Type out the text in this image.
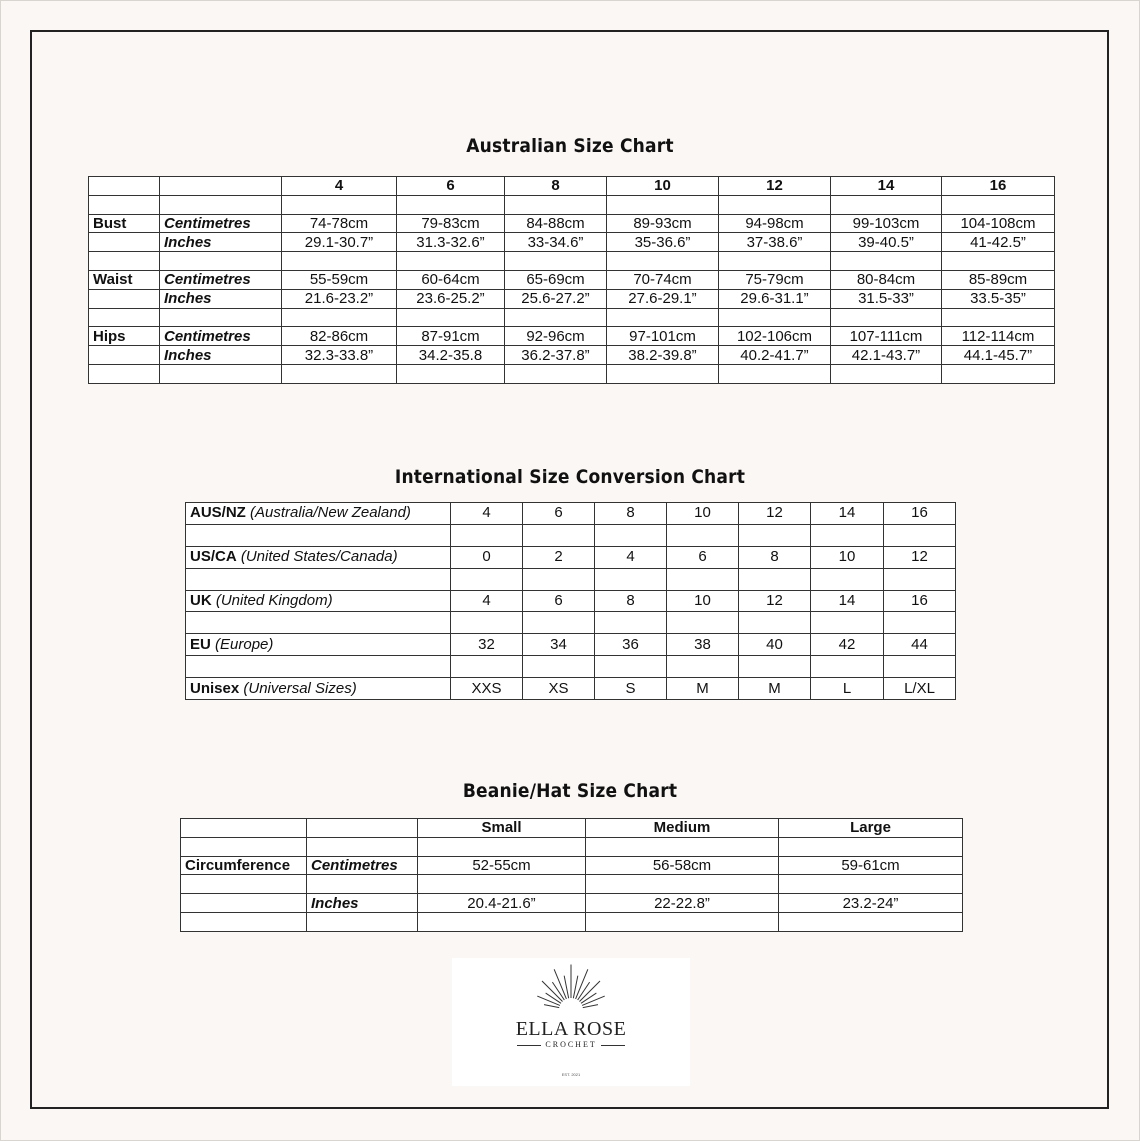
Australian Size Chart
		4	6	8	10	12	14	16

Bust	Centimetres	74-78cm	79-83cm	84-88cm	89-93cm	94-98cm	99-103cm	104-108cm
	Inches	29.1-30.7”	31.3-32.6”	33-34.6”	35-36.6”	37-38.6”	39-40.5”	41-42.5”

Waist	Centimetres	55-59cm	60-64cm	65-69cm	70-74cm	75-79cm	80-84cm	85-89cm
	Inches	21.6-23.2”	23.6-25.2”	25.6-27.2”	27.6-29.1”	29.6-31.1”	31.5-33”	33.5-35”

Hips	Centimetres	82-86cm	87-91cm	92-96cm	97-101cm	102-106cm	107-111cm	112-114cm
	Inches	32.3-33.8”	34.2-35.8	36.2-37.8”	38.2-39.8”	40.2-41.7”	42.1-43.7”	44.1-45.7”

International Size Conversion Chart
AUS/NZ (Australia/New Zealand)	4	6	8	10	12	14	16

US/CA (United States/Canada)	0	2	4	6	8	10	12

UK (United Kingdom)	4	6	8	10	12	14	16

EU (Europe)	32	34	36	38	40	42	44

Unisex (Universal Sizes)	XXS	XS	S	M	M	L	L/XL
Beanie/Hat Size Chart
		Small	Medium	Large

Circumference	Centimetres	52-55cm	56-58cm	59-61cm

	Inches	20.4-21.6”	22-22.8”	23.2-24”

ELLA ROSE
CROCHET
EST. 2021
